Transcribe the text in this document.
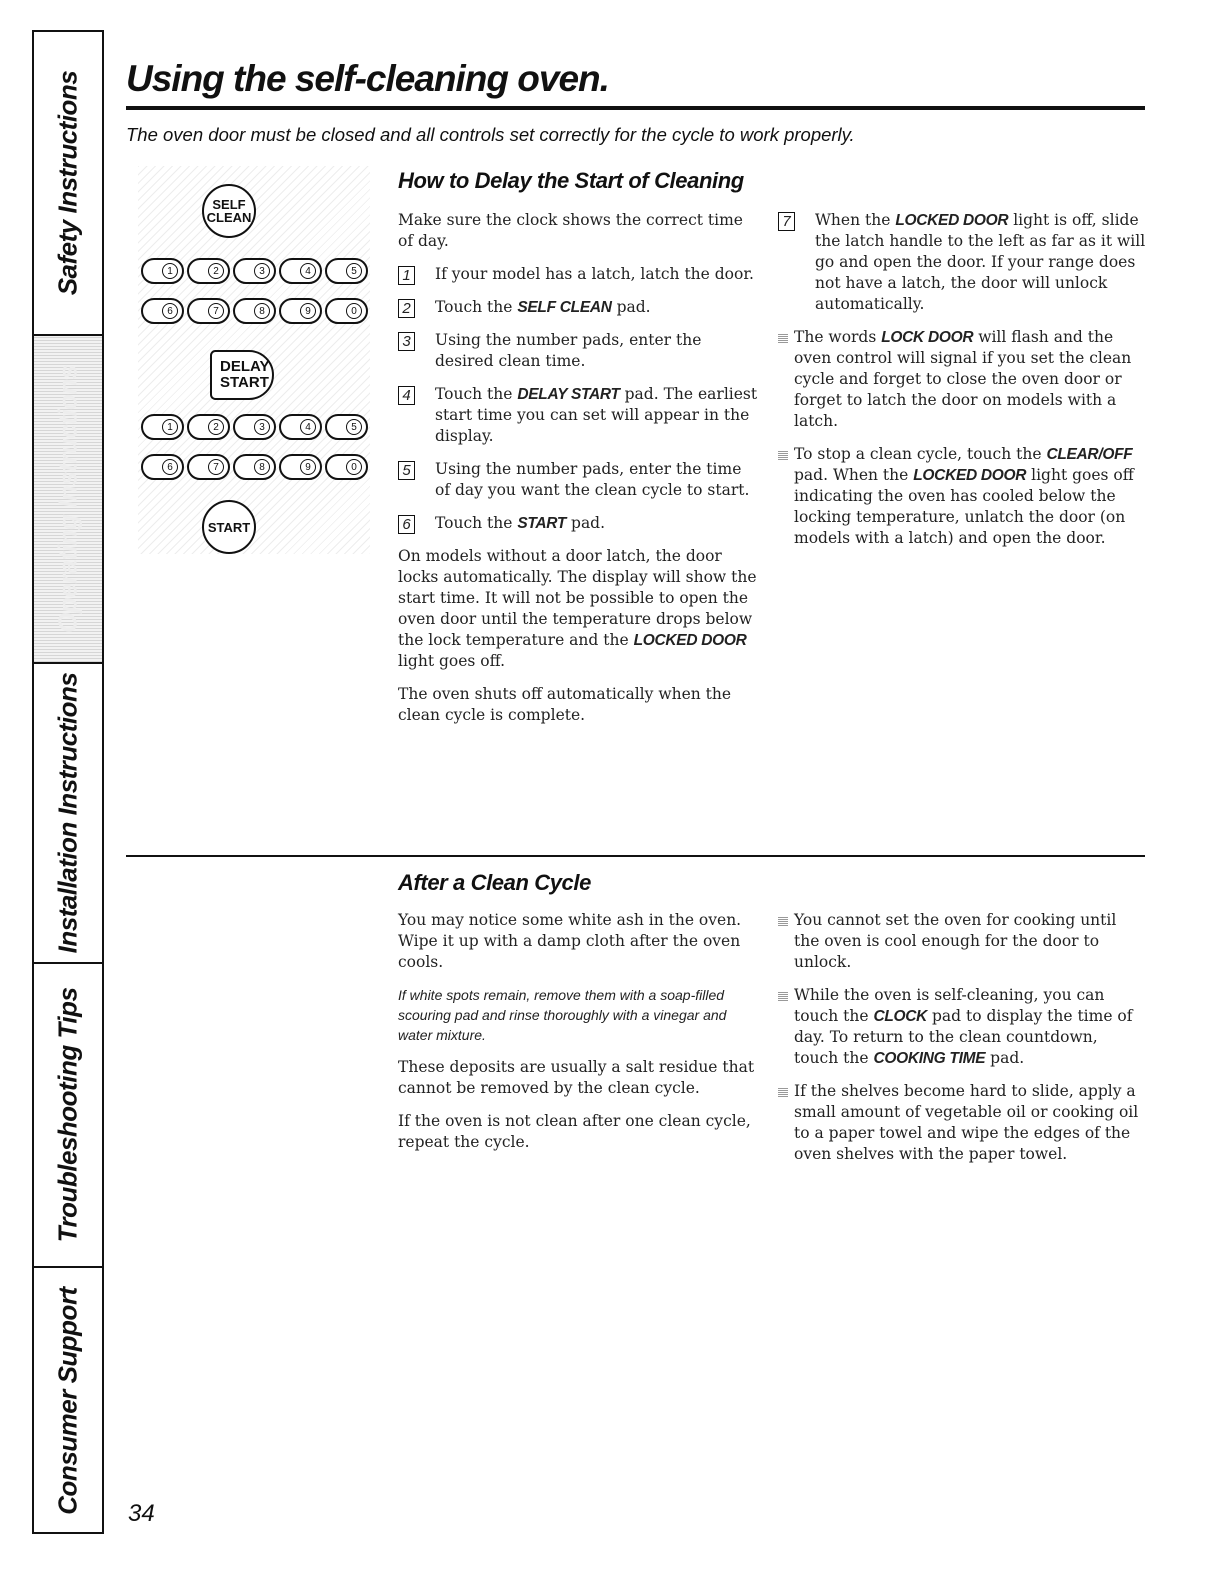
Safety Instructions
Operating Instructions
Installation Instructions
Troubleshooting Tips
Consumer Support
Using the self-cleaning oven.

The oven door must be closed and all controls set correctly for the cycle to work properly.

SELF
CLEAN
1	2	3	4	5
6	7	8	9	0
DELAY
START
1	2	3	4	5
6	7	8	9	0
START
How to Delay the Start of Cleaning

Make sure the clock shows the correct time of day.

1 If your model has a latch, latch the door.
2 Touch the SELF CLEAN pad.
3 Using the number pads, enter the desired clean time.
4 Touch the DELAY START pad. The earliest start time you can set will appear in the display.
5 Using the number pads, enter the time of day you want the clean cycle to start.
6 Touch the START pad.

On models without a door latch, the door locks automatically. The display will show the start time. It will not be possible to open the oven door until the temperature drops below the lock temperature and the LOCKED DOOR light goes off.

The oven shuts off automatically when the clean cycle is complete.

7 When the LOCKED DOOR light is off, slide the latch handle to the left as far as it will go and open the door. If your range does not have a latch, the door will unlock automatically.
The words LOCK DOOR will flash and the oven control will signal if you set the clean cycle and forget to close the oven door or forget to latch the door on models with a latch.
To stop a clean cycle, touch the CLEAR/OFF pad. When the LOCKED DOOR light goes off indicating the oven has cooled below the locking temperature, unlatch the door (on models with a latch) and open the door.
After a Clean Cycle

You may notice some white ash in the oven. Wipe it up with a damp cloth after the oven cools.

If white spots remain, remove them with a soap-filled scouring pad and rinse thoroughly with a vinegar and water mixture.

These deposits are usually a salt residue that cannot be removed by the clean cycle.

If the oven is not clean after one clean cycle, repeat the cycle.

You cannot set the oven for cooking until the oven is cool enough for the door to unlock.
While the oven is self-cleaning, you can touch the CLOCK pad to display the time of day. To return to the clean countdown, touch the COOKING TIME pad.
If the shelves become hard to slide, apply a small amount of vegetable oil or cooking oil to a paper towel and wipe the edges of the oven shelves with the paper towel.
34
